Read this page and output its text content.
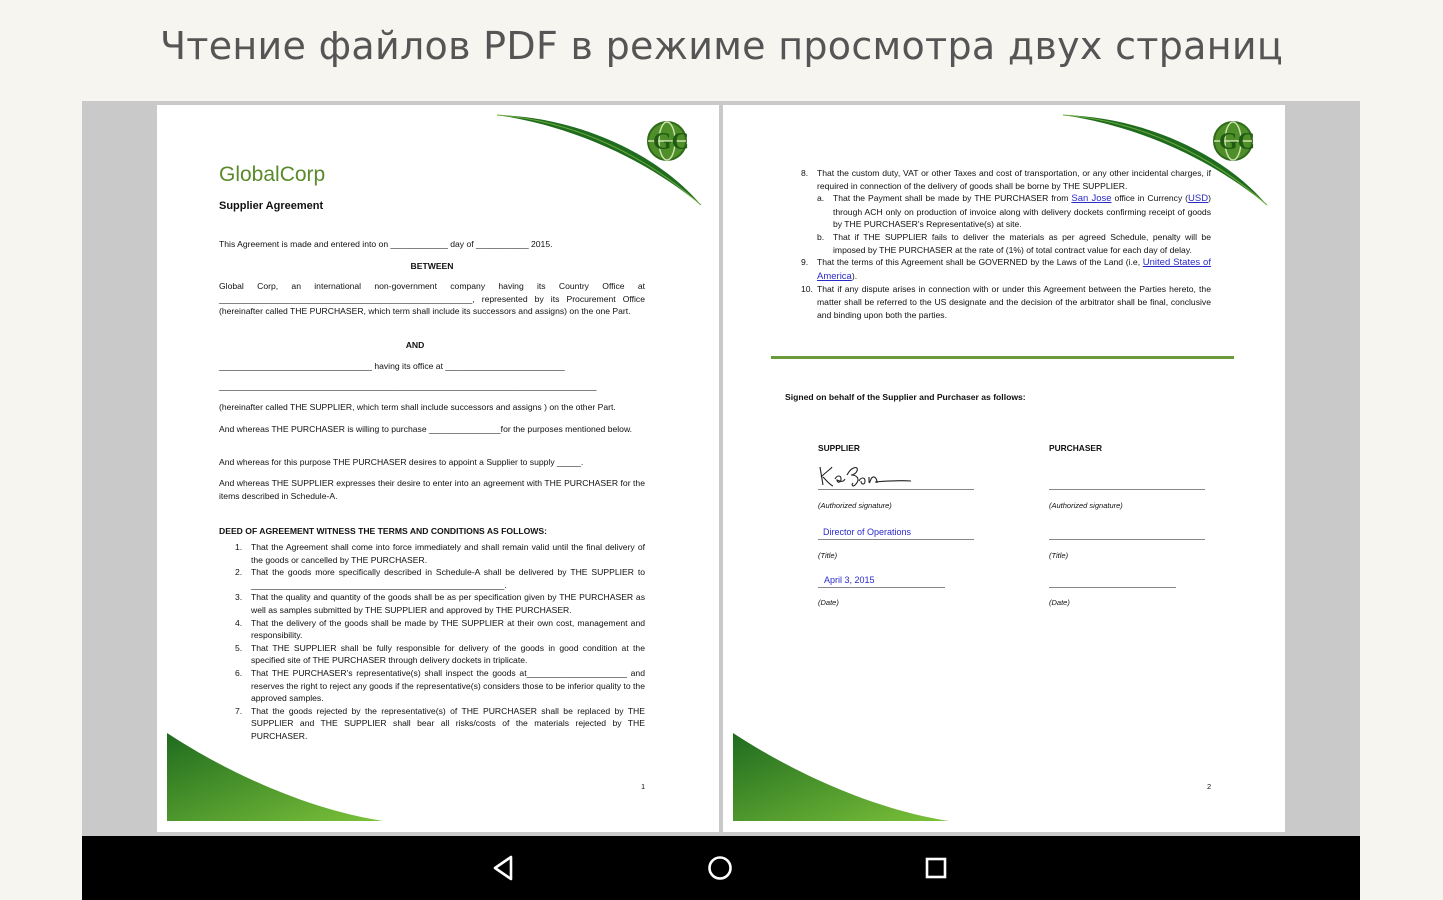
Чтение файлов PDF в режиме просмотра двух страниц
GC
GlobalCorp
Supplier Agreement
This Agreement is made and entered into on ____________ day of ___________ 2015.
BETWEEN
Global Corp, an international non-government company having its Country Office at _____________________________________________________, represented by its Procurement Office (hereinafter called THE PURCHASER, which term shall include its successors and assigns) on the one Part.
AND
________________________________ having its office at _________________________
_______________________________________________________________________________
(hereinafter called THE SUPPLIER, which term shall include successors and assigns ) on the other Part.
And whereas THE PURCHASER is willing to purchase _______________for the purposes mentioned below.
And whereas for this purpose THE PURCHASER desires to appoint a Supplier to supply _____.
And whereas THE SUPPLIER expresses their desire to enter into an agreement with THE PURCHASER for the items described in Schedule-A.
DEED OF AGREEMENT WITNESS THE TERMS AND CONDITIONS AS FOLLOWS:
1. That the Agreement shall come into force immediately and shall remain valid until the final delivery of the goods or cancelled by THE PURCHASER.
2. That the goods more specifically described in Schedule-A shall be delivered by THE SUPPLIER to _____________________________________________________.
3. That the quality and quantity of the goods shall be as per specification given by THE PURCHASER as well as samples submitted by THE SUPPLIER and approved by THE PURCHASER.
4. That the delivery of the goods shall be made by THE SUPPLIER at their own cost, management and responsibility.
5. That THE SUPPLIER shall be fully responsible for delivery of the goods in good condition at the specified site of THE PURCHASER through delivery dockets in triplicate.
6. That THE PURCHASER's representative(s) shall inspect the goods at_____________________ and reserves the right to reject any goods if the representative(s) considers those to be inferior quality to the approved samples.
7. That the goods rejected by the representative(s) of THE PURCHASER shall be replaced by THE SUPPLIER and THE SUPPLIER shall bear all risks/costs of the materials rejected by THE PURCHASER.
1
GC
8. That the custom duty, VAT or other Taxes and cost of transportation, or any other incidental charges, if required in connection of the delivery of goods shall be borne by THE SUPPLIER.
a. That the Payment shall be made by THE PURCHASER from San Jose office in Currency (USD) through ACH only on production of invoice along with delivery dockets confirming receipt of goods by THE PURCHASER's Representative(s) at site.
b. That if THE SUPPLIER fails to deliver the materials as per agreed Schedule, penalty will be imposed by THE PURCHASER at the rate of (1%) of total contract value for each day of delay.
9. That the terms of this Agreement shall be GOVERNED by the Laws of the Land (i.e, United States of America).
10. That if any dispute arises in connection with or under this Agreement between the Parties hereto, the matter shall be referred to the US designate and the decision of the arbitrator shall be final, conclusive and binding upon both the parties.
Signed on behalf of the Supplier and Purchaser as follows:
SUPPLIER	PURCHASER
(Authorized signature)	(Authorized signature)
Director of Operations
(Title)	(Title)
April 3, 2015
(Date)	(Date)
2
